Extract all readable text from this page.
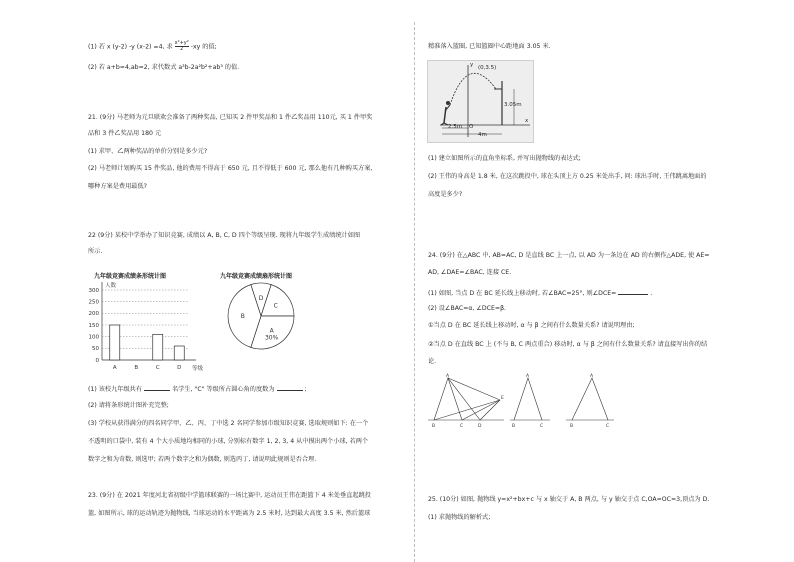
(1) 若 x (y-2) -y (x-2) =4, 求 $\frac{\text{x²+y²}}{2} -xy$ 的值;
(2) 若 a+b=4,ab=2, 求代数式 a³b-2a²b²+ab³ 的值.
21. (9分) 马老师为元旦联欢会准备了两种奖品, 已知买 2 件甲奖品和 1 件乙奖品用 110元, 买 1 件甲奖
品和 3 件乙奖品用 180 元
(1) 求甲、乙两种奖品的单价分别是多少元?
(2) 马老师计划购买 15 件奖品, 他的费用不得高于 650 元, 且不得低于 600 元, 那么他有几种购买方案,
哪种方案是费用最低?
22 (9分) 某校中学举办了知识竞赛, 成绩以 A, B, C, D 四个等级呈现. 现将九年级学生成绩统计如图
所示.
九年级竞赛成绩条形统计图	九年级竞赛成绩扇形统计图
0
50
100
150
200
250
300
人数
等级
A	B	C	D
D
C
A
30%
B
(1) 该校九年级共有	名学生, "C" 等级所占圆心角的度数为	;
(2) 请将条形统计图补充完整;
(3) 学校从获得满分的四名同学甲、乙、丙、丁中选 2 名同学参加市级知识竞赛, 选取规则如下: 在一个
不透明的口袋中, 装有 4 个大小质地均相同的小球, 分别标有数字 1, 2, 3, 4 从中摸出两个小球, 若两个
数字之和为奇数, 则选甲; 若两个数字之和为偶数, 则选丙丁, 请说明此规则是否合理.
23. (9分) 在 2021 年度河北省初级中学篮球联赛的一场比赛中, 运动员王伟在距篮下 4 米处垂直起跳投
篮, 如图所示, 球的运动轨迹为抛物线, 当球运动的水平距离为 2.5 米时, 达到最大高度 3.5 米, 然后篮球
精准落入篮圈, 已知篮圈中心距地面 3.05 米.
(0,3.5)
y
x
3.05m
2.5m
4m
O
(1) 建立如图所示的直角坐标系, 并写出抛物线的表达式;
(2) 王伟的身高是 1.8 米, 在这次跳投中, 球在头顶上方 0.25 米处出手, 问: 球出手时, 王伟跳离地面的
高度是多少?
24. (9分) 在△ABC 中, AB=AC, D 是直线 BC 上一点, 以 AD 为一条边在 AD 的右侧作△ADE, 使 AE=
AD, ∠DAE=∠BAC, 连接 CE.
(1) 如图, 当点 D 在 BC 延长线上移动时, 若∠BAC=25°, 则∠DCE=	.
(2) 设∠BAC=α, ∠DCE=β.
①当点 D 在 BC 延长线上移动时, α 与 β 之间有什么数量关系? 请说明理由;
②当点 D 在直线 BC 上 (不与 B, C 两点重合) 移动时, α 与 β 之间有什么数量关系? 请直接写出你的结
论.
A
B	C	D
E
A
B	C
A
B	C
25. (10分) 如图, 抛物线 y=x²+bx+c 与 x 轴交于 A, B 两点, 与 y 轴交于点 C,OA=OC=3,顶点为 D.
(1) 求抛物线的解析式;
